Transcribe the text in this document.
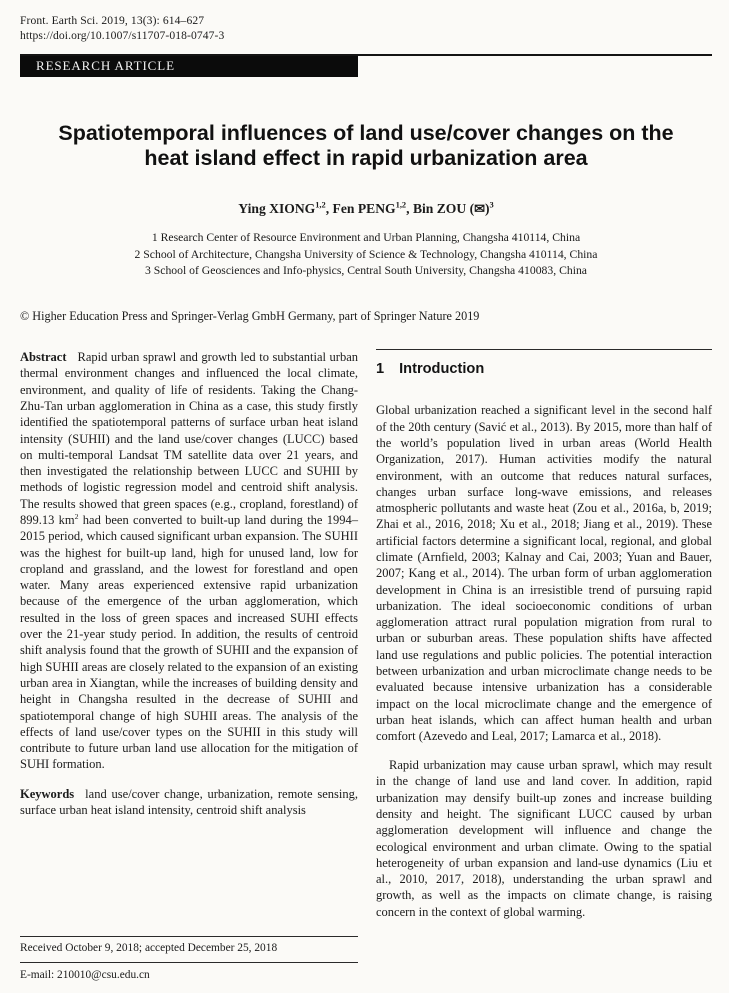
Front. Earth Sci. 2019, 13(3): 614–627
https://doi.org/10.1007/s11707-018-0747-3
RESEARCH ARTICLE
Spatiotemporal influences of land use/cover changes on the heat island effect in rapid urbanization area
Ying XIONG$^{1,2}$, Fen PENG$^{1,2}$, Bin ZOU (✉)$^3$
1 Research Center of Resource Environment and Urban Planning, Changsha 410114, China
2 School of Architecture, Changsha University of Science & Technology, Changsha 410114, China
3 School of Geosciences and Info-physics, Central South University, Changsha 410083, China
© Higher Education Press and Springer-Verlag GmbH Germany, part of Springer Nature 2019
Abstract Rapid urban sprawl and growth led to substantial urban thermal environment changes and influenced the local climate, environment, and quality of life of residents. Taking the Chang-Zhu-Tan urban agglomeration in China as a case, this study firstly identified the spatiotemporal patterns of surface urban heat island intensity (SUHII) and the land use/cover changes (LUCC) based on multi-temporal Landsat TM satellite data over 21 years, and then investigated the relationship between LUCC and SUHII by methods of logistic regression model and centroid shift analysis. The results showed that green spaces (e.g., cropland, forestland) of 899.13 $km^2$ had been converted to built-up land during the 1994–2015 period, which caused significant urban expansion. The SUHII was the highest for built-up land, high for unused land, low for cropland and grassland, and the lowest for forestland and open water. Many areas experienced extensive rapid urbanization because of the emergence of the urban agglomeration, which resulted in the loss of green spaces and increased SUHI effects over the 21-year study period. In addition, the results of centroid shift analysis found that the growth of SUHII and the expansion of high SUHII areas are closely related to the expansion of an existing urban area in Xiangtan, while the increases of building density and height in Changsha resulted in the decrease of SUHII and spatiotemporal change of high SUHII areas. The analysis of the effects of land use/cover types on the SUHII in this study will contribute to future urban land use allocation for the mitigation of SUHI formation.
Keywords land use/cover change, urbanization, remote sensing, surface urban heat island intensity, centroid shift analysis
Received October 9, 2018; accepted December 25, 2018
E-mail: 210010@csu.edu.cn
1 Introduction

Global urbanization reached a significant level in the second half of the 20th century (Savić et al., 2013). By 2015, more than half of the world’s population lived in urban areas (World Health Organization, 2017). Human activities modify the natural environment, with an outcome that reduces natural surfaces, changes urban surface long-wave emissions, and releases atmospheric pollutants and waste heat (Zou et al., 2016a, b, 2019; Zhai et al., 2016, 2018; Xu et al., 2018; Jiang et al., 2019). These artificial factors determine a significant local, regional, and global climate (Arnfield, 2003; Kalnay and Cai, 2003; Yuan and Bauer, 2007; Kang et al., 2014). The urban form of urban agglomeration development in China is an irresistible trend of pursuing rapid urbanization. The ideal socioeconomic conditions of urban agglomeration attract rural population migration from rural to urban or suburban areas. These population shifts have affected land use regulations and public policies. The potential interaction between urbanization and urban microclimate change needs to be evaluated because intensive urbanization has a considerable impact on the local microclimate change and the emergence of urban heat islands, which can affect human health and urban comfort (Azevedo and Leal, 2017; Lamarca et al., 2018).

Rapid urbanization may cause urban sprawl, which may result in the change of land use and land cover. In addition, rapid urbanization may densify built-up zones and increase building density and height. The significant LUCC caused by urban agglomeration development will influence and change the ecological environment and urban climate. Owing to the spatial heterogeneity of urban expansion and land-use dynamics (Liu et al., 2010, 2017, 2018), understanding the urban sprawl and growth, as well as the impacts on climate change, is raising concern in the context of global warming.
